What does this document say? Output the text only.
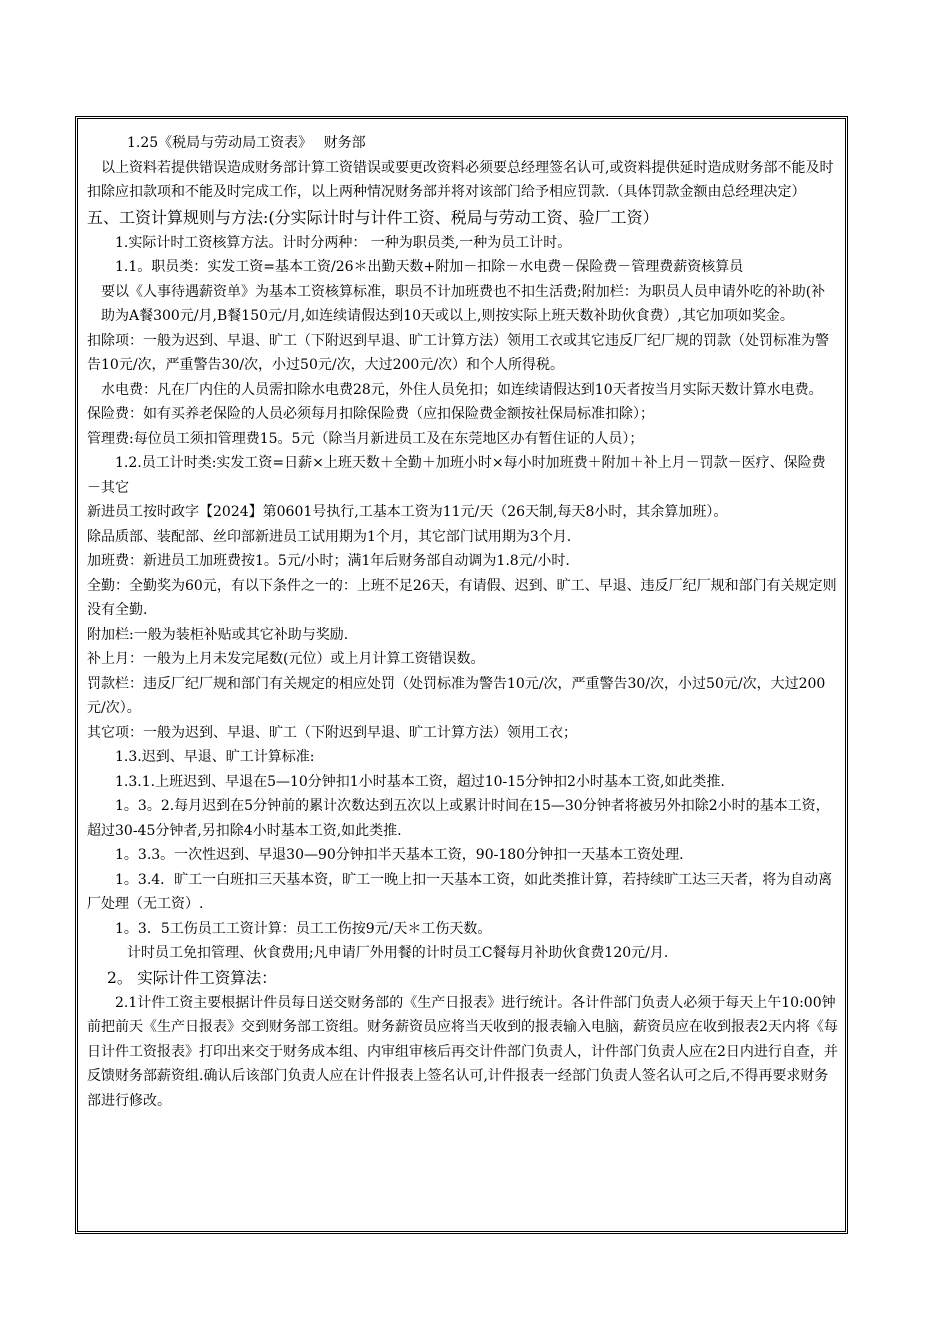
1.25《税局与劳动局工资表》　 财务部

以上资料若提供错误造成财务部计算工资错误或要更改资料必须要总经理签名认可,或资料提供延时造成财务部不能及时扣除应扣款项和不能及时完成工作，以上两种情况财务部并将对该部门给予相应罚款.（具体罚款金额由总经理决定）

五、工资计算规则与方法:(分实际计时与计件工资、税局与劳动工资、验厂工资）

1.实际计时工资核算方法。计时分两种： 一种为职员类,一种为员工计时。

1.1。职员类：实发工资=基本工资/26＊出勤天数+附加－扣除－水电费－保险费－管理费薪资核算员

要以《人事待遇薪资单》为基本工资核算标准，职员不计加班费也不扣生活费;附加栏：为职员人员申请外吃的补助(补助为A餐300元/月,B餐150元/月,如连续请假达到10天或以上,则按实际上班天数补助伙食费）,其它加项如奖金。

扣除项：一般为迟到、早退、旷工（下附迟到早退、旷工计算方法）领用工衣或其它违反厂纪厂规的罚款（处罚标准为警告10元/次，严重警告30/次，小过50元/次，大过200元/次）和个人所得税。

水电费：凡在厂内住的人员需扣除水电费28元，外住人员免扣；如连续请假达到10天者按当月实际天数计算水电费。

保险费：如有买养老保险的人员必须每月扣除保险费（应扣保险费金额按社保局标准扣除）；

管理费:每位员工须扣管理费15。5元（除当月新进员工及在东莞地区办有暂住证的人员）；

1.2.员工计时类:实发工资=日薪×上班天数＋全勤＋加班小时×每小时加班费＋附加＋补上月－罚款－医疗、保险费－其它

新进员工按时政字【2024】第0601号执行,工基本工资为11元/天（26天制,每天8小时，其余算加班）。

除品质部、装配部、丝印部新进员工试用期为1个月，其它部门试用期为3个月.

加班费：新进员工加班费按1。5元/小时；满1年后财务部自动调为1.8元/小时.

全勤：全勤奖为60元，有以下条件之一的：上班不足26天，有请假、迟到、旷工、早退、违反厂纪厂规和部门有关规定则没有全勤.

附加栏:一般为装柜补贴或其它补助与奖励.

补上月：一般为上月未发完尾数(元位）或上月计算工资错误数。

罚款栏：违反厂纪厂规和部门有关规定的相应处罚（处罚标准为警告10元/次，严重警告30/次，小过50元/次，大过200元/次）。

其它项：一般为迟到、早退、旷工（下附迟到早退、旷工计算方法）领用工衣；

1.3.迟到、早退、旷工计算标准:

1.3.1.上班迟到、早退在5—10分钟扣1小时基本工资，超过10-15分钟扣2小时基本工资,如此类推.

1。3。2.每月迟到在5分钟前的累计次数达到五次以上或累计时间在15—30分钟者将被另外扣除2小时的基本工资，超过30-45分钟者,另扣除4小时基本工资,如此类推.

1。3.3。一次性迟到、早退30—90分钟扣半天基本工资，90-180分钟扣一天基本工资处理.

1。3.4．旷工一白班扣三天基本资，旷工一晚上扣一天基本工资，如此类推计算，若持续旷工达三天者，将为自动离厂处理（无工资）.

1。3．5工伤员工工资计算：员工工伤按9元/天＊工伤天数。

计时员工免扣管理、伙食费用;凡申请厂外用餐的计时员工C餐每月补助伙食费120元/月.

2。 实际计件工资算法：

2.1计件工资主要根据计件员每日送交财务部的《生产日报表》进行统计。各计件部门负责人必须于每天上午10:00钟前把前天《生产日报表》交到财务部工资组。财务薪资员应将当天收到的报表输入电脑，薪资员应在收到报表2天内将《每日计件工资报表》打印出来交于财务成本组、内审组审核后再交计件部门负责人，计件部门负责人应在2日内进行自查，并反馈财务部薪资组.确认后该部门负责人应在计件报表上签名认可,计件报表一经部门负责人签名认可之后,不得再要求财务部进行修改。
